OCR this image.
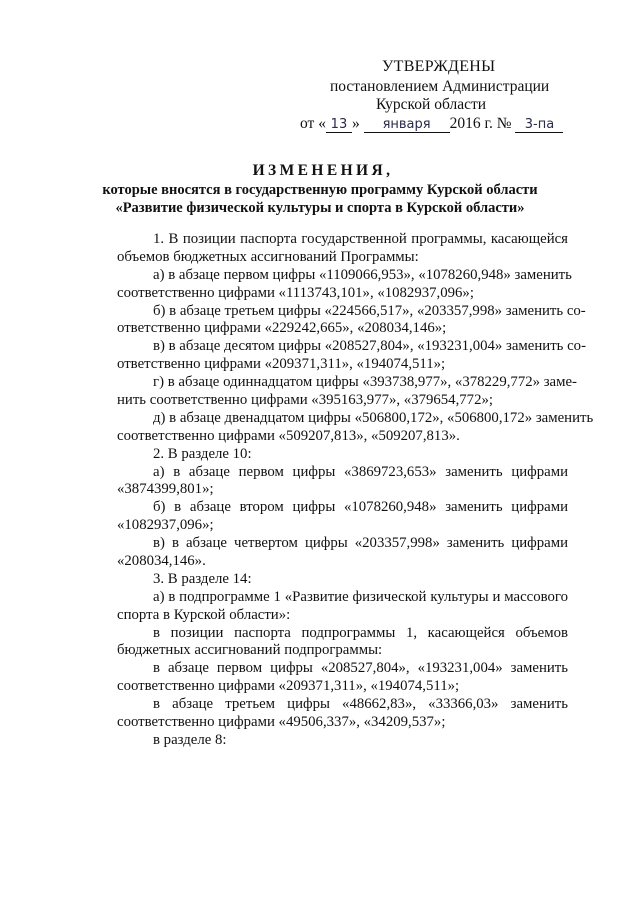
УТВЕРЖДЕНЫ
постановлением Администрации
Курской области
от « 13 » января 2016 г. № 3-па
ИЗМЕНЕНИЯ,
которые вносятся в государственную программу Курской области
«Развитие физической культуры и спорта в Курской области»
1. В позиции паспорта государственной программы, касающейся
объемов бюджетных ассигнований Программы:
а) в абзаце первом цифры «1109066,953», «1078260,948» заменить
соответственно цифрами «1113743,101», «1082937,096»;
б) в абзаце третьем цифры «224566,517», «203357,998» заменить со-
ответственно цифрами «229242,665», «208034,146»;
в) в абзаце десятом цифры «208527,804», «193231,004» заменить со-
ответственно цифрами «209371,311», «194074,511»;
г) в абзаце одиннадцатом цифры «393738,977», «378229,772» заме-
нить соответственно цифрами «395163,977», «379654,772»;
д) в абзаце двенадцатом цифры «506800,172», «506800,172» заменить
соответственно цифрами «509207,813», «509207,813».
2. В разделе 10:
а) в абзаце первом цифры «3869723,653» заменить цифрами
«3874399,801»;
б) в абзаце втором цифры «1078260,948» заменить цифрами
«1082937,096»;
в) в абзаце четвертом цифры «203357,998» заменить цифрами
«208034,146».
3. В разделе 14:
а) в подпрограмме 1 «Развитие физической культуры и массового
спорта в Курской области»:
в позиции паспорта подпрограммы 1, касающейся объемов
бюджетных ассигнований подпрограммы:
в абзаце первом цифры «208527,804», «193231,004» заменить
соответственно цифрами «209371,311», «194074,511»;
в абзаце третьем цифры «48662,83», «33366,03» заменить
соответственно цифрами «49506,337», «34209,537»;
в разделе 8:
